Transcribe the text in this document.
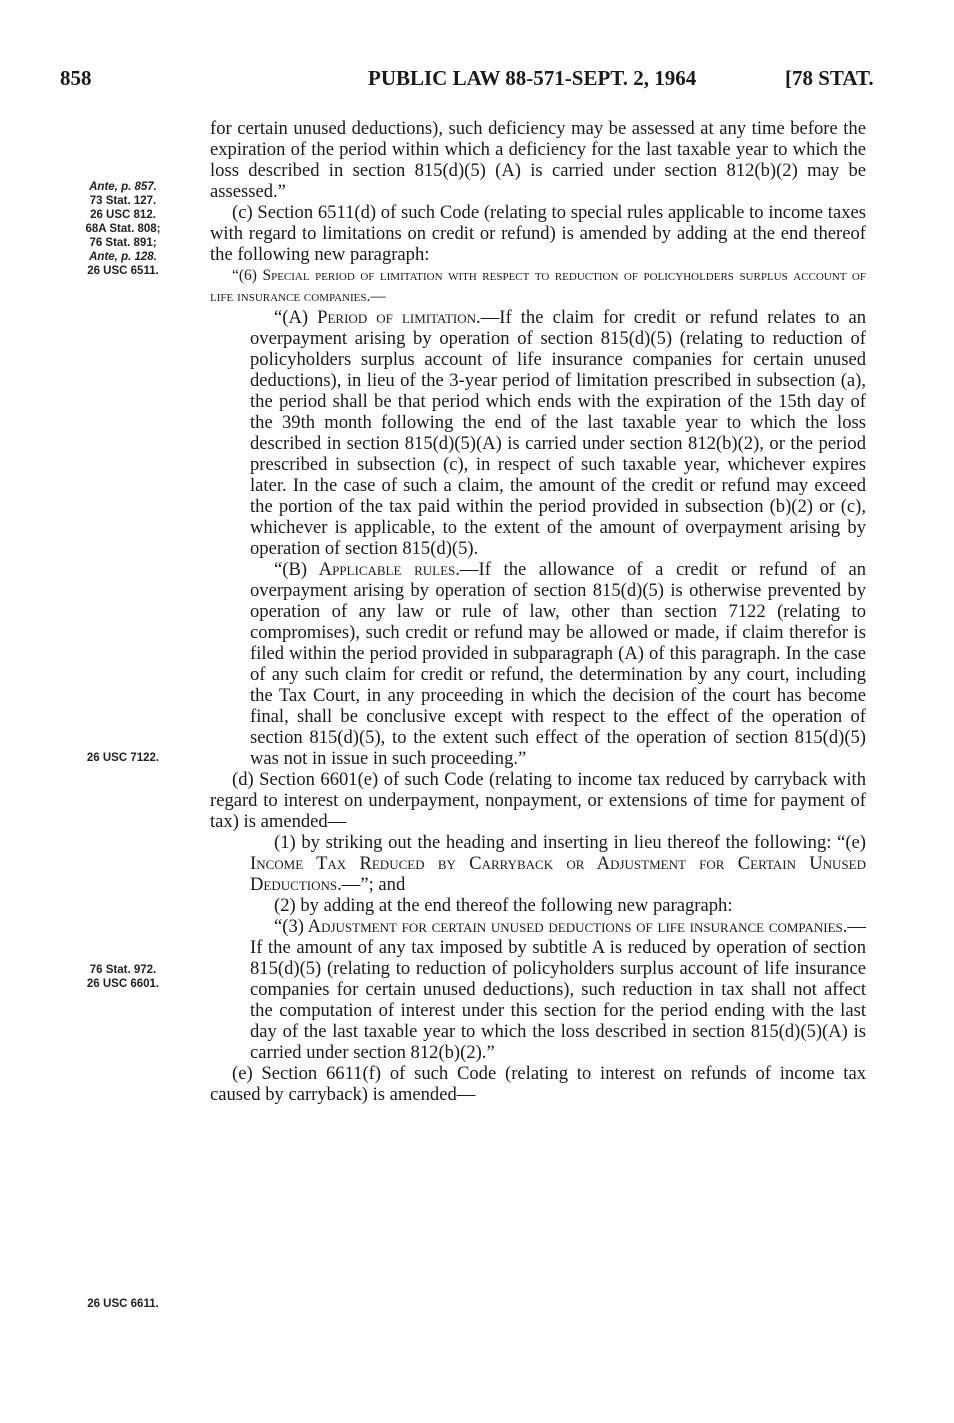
858	PUBLIC LAW 88-571-SEPT. 2, 1964	[78 STAT.
Ante, p. 857.
73 Stat. 127.
26 USC 812.
68A Stat. 808;
76 Stat. 891;
Ante, p. 128.
26 USC 6511.
26 USC 7122.
76 Stat. 972.
26 USC 6601.
26 USC 6611.

for certain unused deductions), such deficiency may be assessed at any time before the expiration of the period within which a deficiency for the last taxable year to which the loss described in section 815(d)(5) (A) is carried under section 812(b)(2) may be assessed.”

(c) Section 6511(d) of such Code (relating to special rules applicable to income taxes with regard to limitations on credit or refund) is amended by adding at the end thereof the following new paragraph:

“(6) Special period of limitation with respect to reduction of policyholders surplus account of life insurance companies.—

“(A) Period of limitation.—If the claim for credit or refund relates to an overpayment arising by operation of section 815(d)(5) (relating to reduction of policyholders surplus account of life insurance companies for certain unused deductions), in lieu of the 3-year period of limitation prescribed in subsection (a), the period shall be that period which ends with the expiration of the 15th day of the 39th month following the end of the last taxable year to which the loss described in section 815(d)(5)(A) is carried under section 812(b)(2), or the period prescribed in subsection (c), in respect of such taxable year, whichever expires later. In the case of such a claim, the amount of the credit or refund may exceed the portion of the tax paid within the period provided in subsection (b)(2) or (c), whichever is applicable, to the extent of the amount of overpayment arising by operation of section 815(d)(5).

“(B) Applicable rules.—If the allowance of a credit or refund of an overpayment arising by operation of section 815(d)(5) is otherwise prevented by operation of any law or rule of law, other than section 7122 (relating to compromises), such credit or refund may be allowed or made, if claim therefor is filed within the period provided in subparagraph (A) of this paragraph. In the case of any such claim for credit or refund, the determination by any court, including the Tax Court, in any proceeding in which the decision of the court has become final, shall be conclusive except with respect to the effect of the operation of section 815(d)(5), to the extent such effect of the operation of section 815(d)(5) was not in issue in such proceeding.”

(d) Section 6601(e) of such Code (relating to income tax reduced by carryback with regard to interest on underpayment, nonpayment, or extensions of time for payment of tax) is amended—

(1) by striking out the heading and inserting in lieu thereof the following: “(e) Income Tax Reduced by Carryback or Adjustment for Certain Unused Deductions.—”; and

(2) by adding at the end thereof the following new paragraph:

“(3) Adjustment for certain unused deductions of life insurance companies.—If the amount of any tax imposed by subtitle A is reduced by operation of section 815(d)(5) (relating to reduction of policyholders surplus account of life insurance companies for certain unused deductions), such reduction in tax shall not affect the computation of interest under this section for the period ending with the last day of the last taxable year to which the loss described in section 815(d)(5)(A) is carried under section 812(b)(2).”

(e) Section 6611(f) of such Code (relating to interest on refunds of income tax caused by carryback) is amended—
